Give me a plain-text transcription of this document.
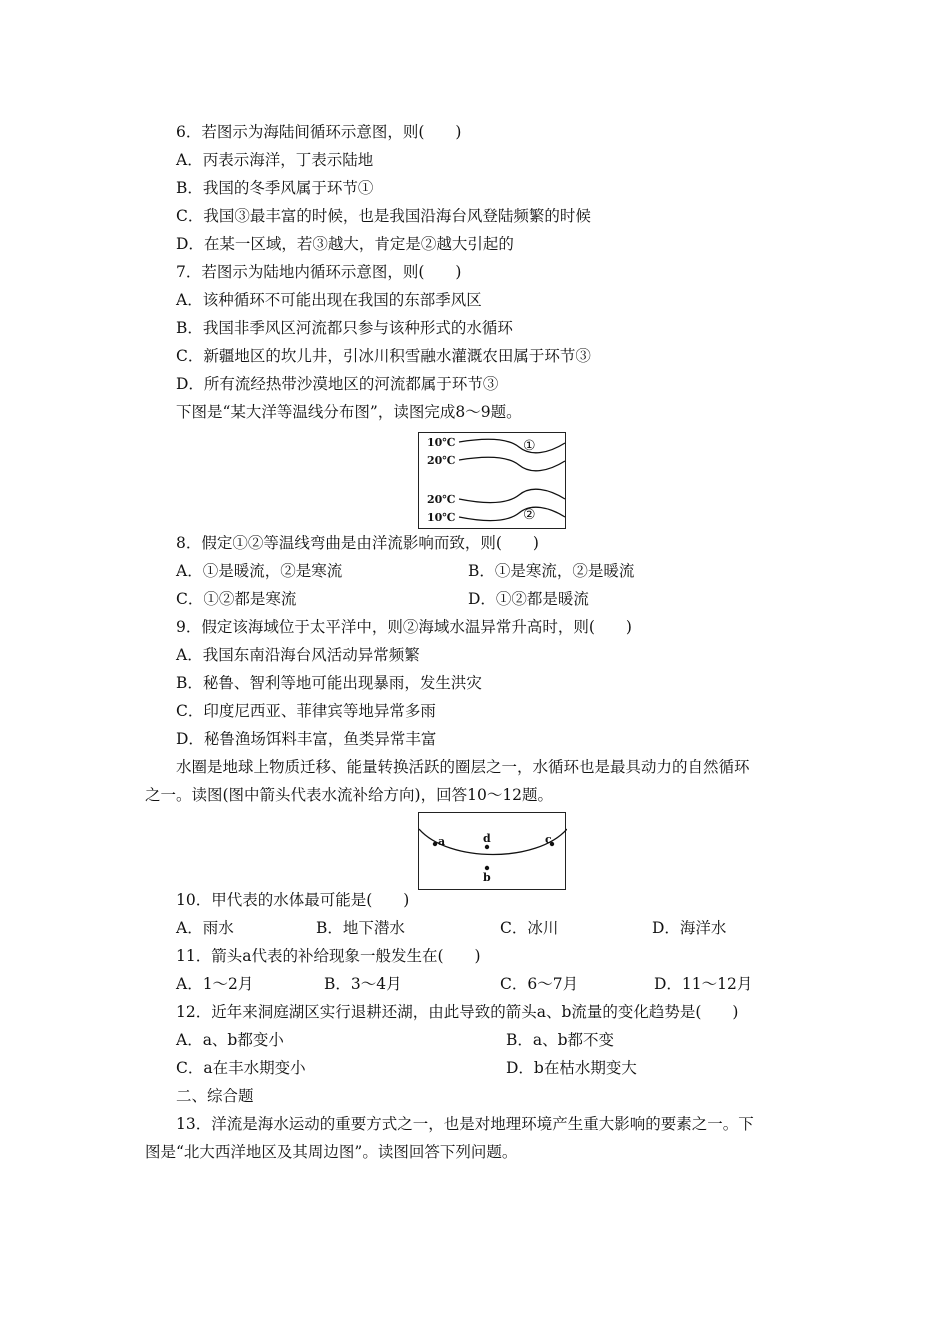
6．若图示为海陆间循环示意图，则(　　)
A．丙表示海洋，丁表示陆地
B．我国的冬季风属于环节①
C．我国③最丰富的时候，也是我国沿海台风登陆频繁的时候
D．在某一区域，若③越大，肯定是②越大引起的
7．若图示为陆地内循环示意图，则(　　)
A．该种循环不可能出现在我国的东部季风区
B．我国非季风区河流都只参与该种形式的水循环
C．新疆地区的坎儿井，引冰川积雪融水灌溉农田属于环节③
D．所有流经热带沙漠地区的河流都属于环节③
下图是“某大洋等温线分布图”，读图完成8～9题。
10℃
20℃
20℃
10℃
①
②
8．假定①②等温线弯曲是由洋流影响而致，则(　　)
A．①是暖流，②是寒流	B．①是寒流，②是暖流
C．①②都是寒流	D．①②都是暖流
9．假定该海域位于太平洋中，则②海域水温异常升高时，则(　　)
A．我国东南沿海台风活动异常频繁
B．秘鲁、智利等地可能出现暴雨，发生洪灾
C．印度尼西亚、菲律宾等地异常多雨
D．秘鲁渔场饵料丰富，鱼类异常丰富
水圈是地球上物质迁移、能量转换活跃的圈层之一，水循环也是最具动力的自然循环
之一。读图(图中箭头代表水流补给方向)，回答10～12题。
a	d	c
b
10．甲代表的水体最可能是(　　)
A．雨水	B．地下潜水	C．冰川	D．海洋水
11．箭头a代表的补给现象一般发生在(　　)
A．1～2月	B．3～4月	C．6～7月	D．11～12月
12．近年来洞庭湖区实行退耕还湖，由此导致的箭头a、b流量的变化趋势是(　　)
A．a、b都变小	B．a、b都不变
C．a在丰水期变小	D．b在枯水期变大
二、综合题
13．洋流是海水运动的重要方式之一，也是对地理环境产生重大影响的要素之一。下
图是“北大西洋地区及其周边图”。读图回答下列问题。
